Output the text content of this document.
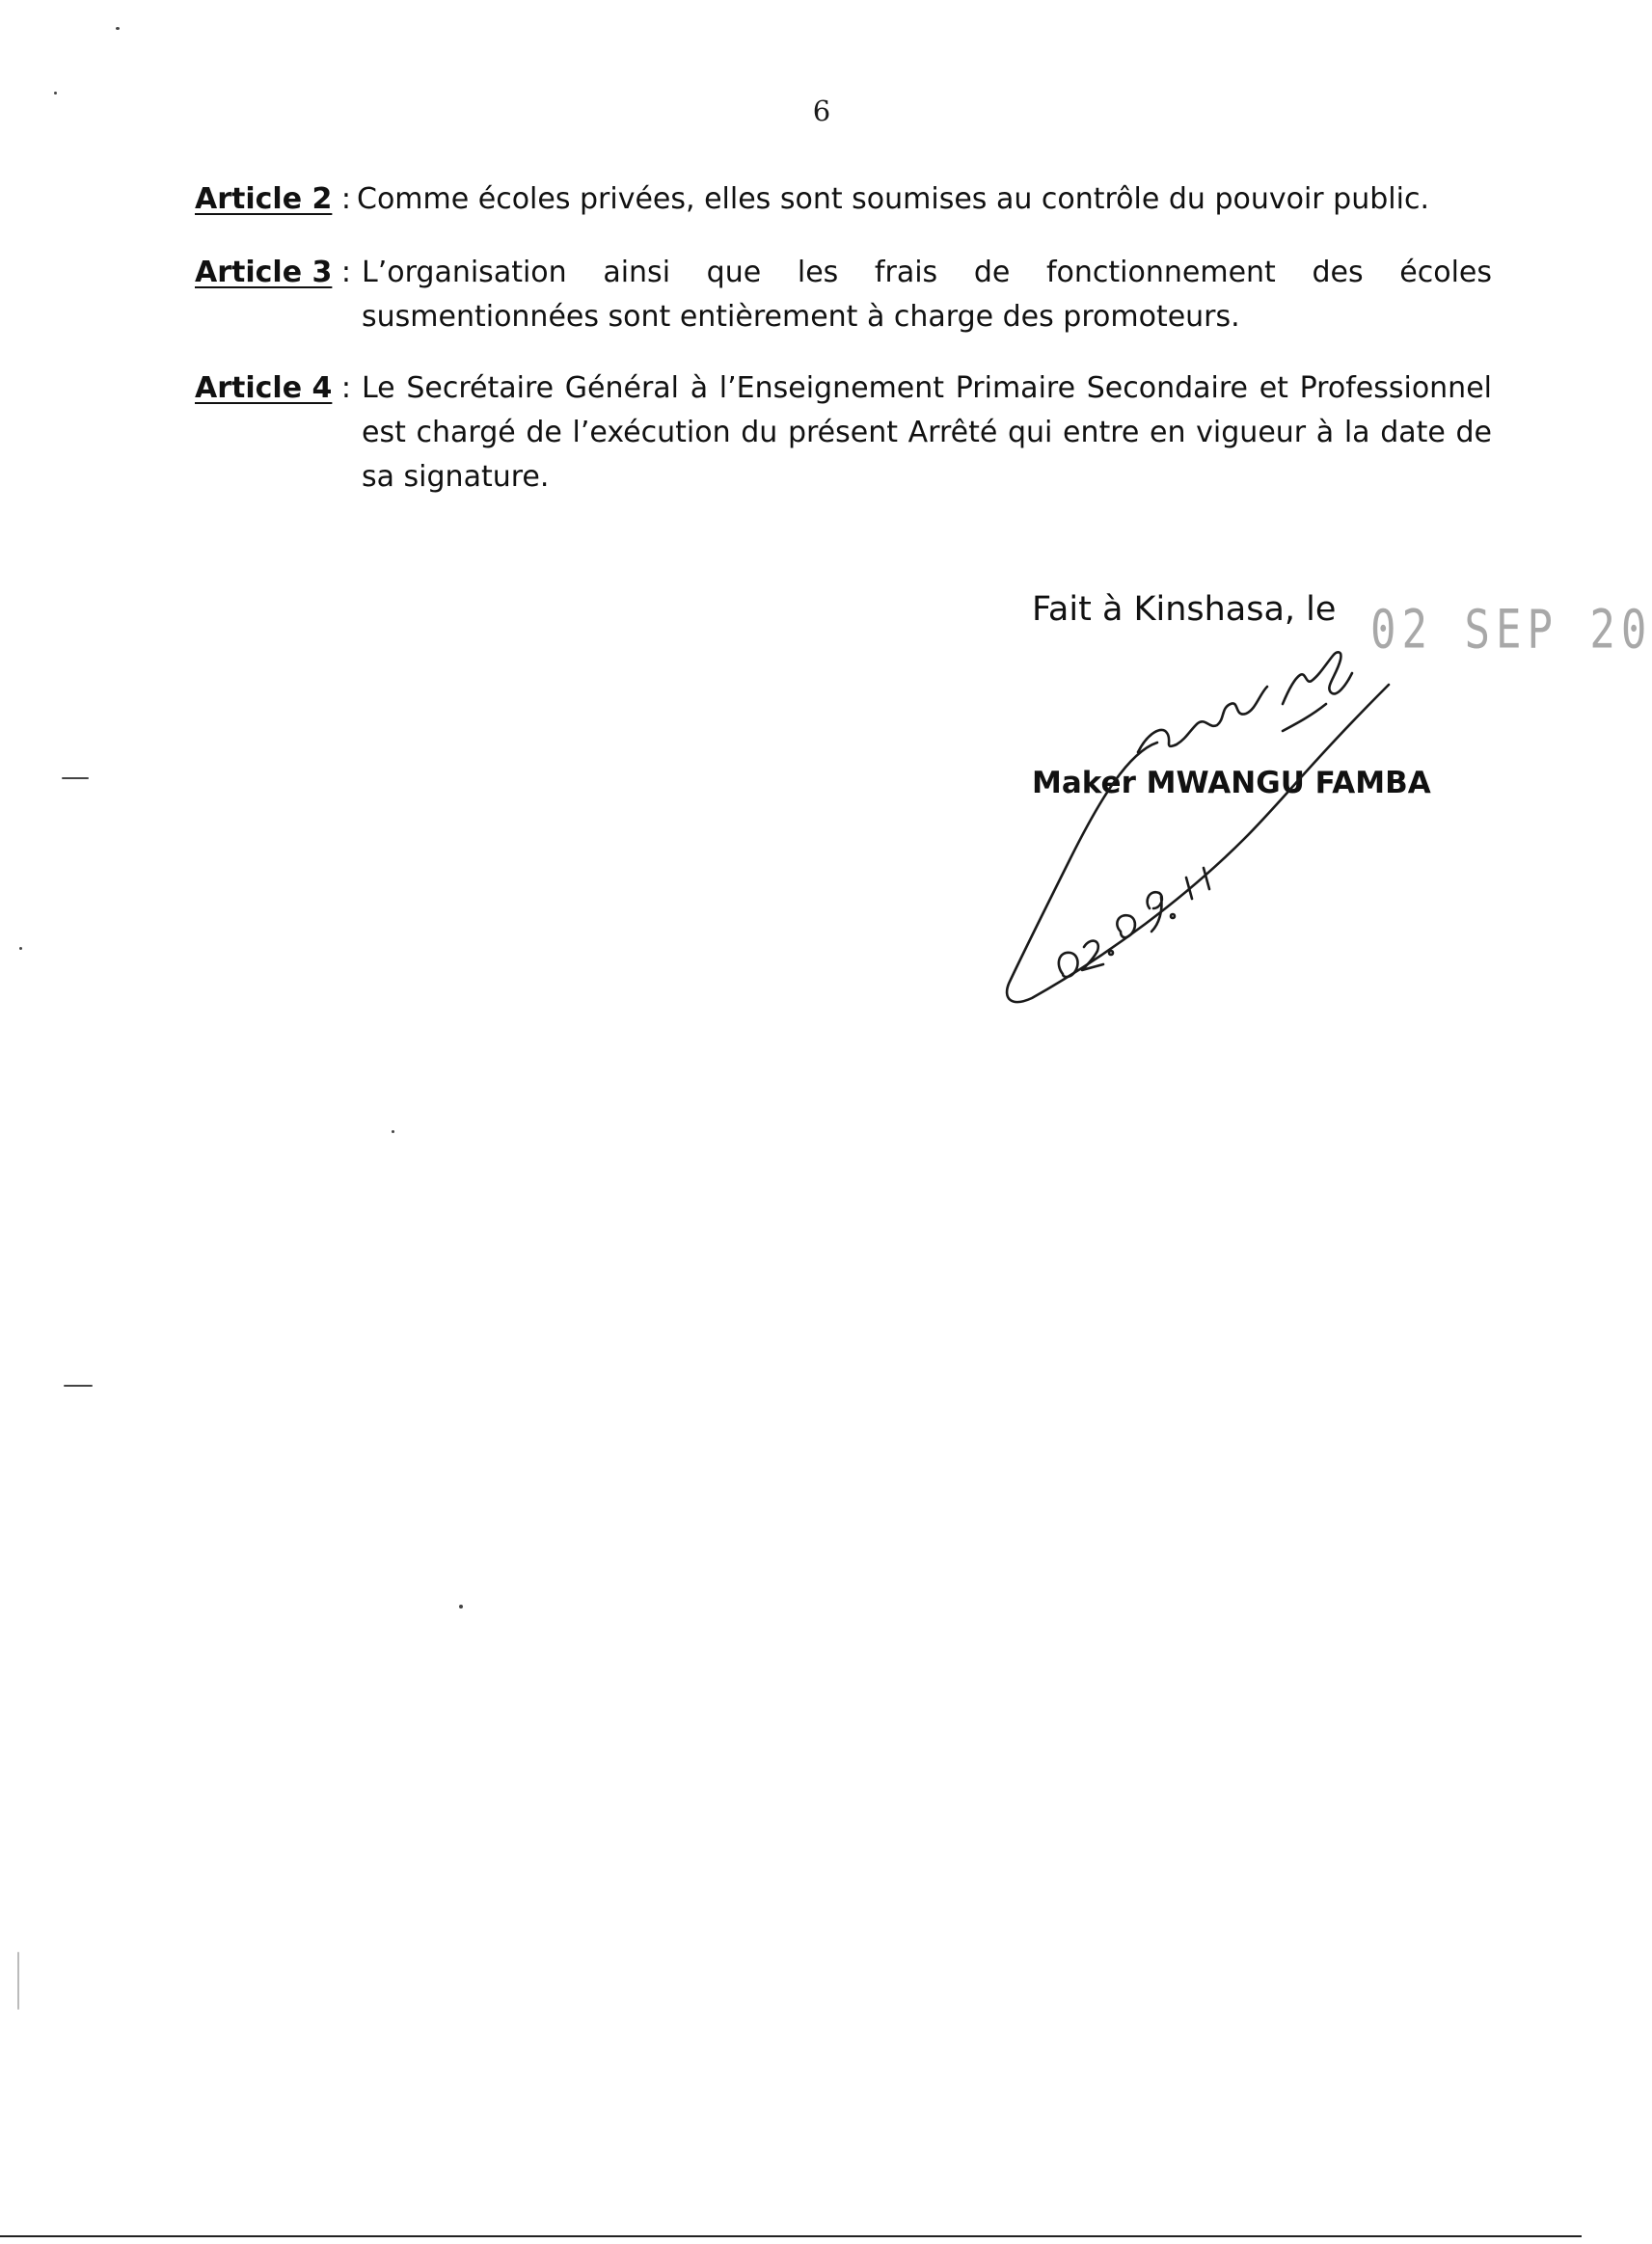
6
Article 2 : Comme écoles privées, elles sont soumises au contrôle du pouvoir public.
Article 3 : L’organisation ainsi que les frais de fonctionnement des écoles susmentionnées sont entièrement à charge des promoteurs.
Article 4 : Le Secrétaire Général à l’Enseignement Primaire Secondaire et Professionnel est chargé de l’exécution du présent Arrêté qui entre en vigueur à la date de sa signature.
Fait à Kinshasa, le 02 SEP 20
Maker MWANGU FAMBA
